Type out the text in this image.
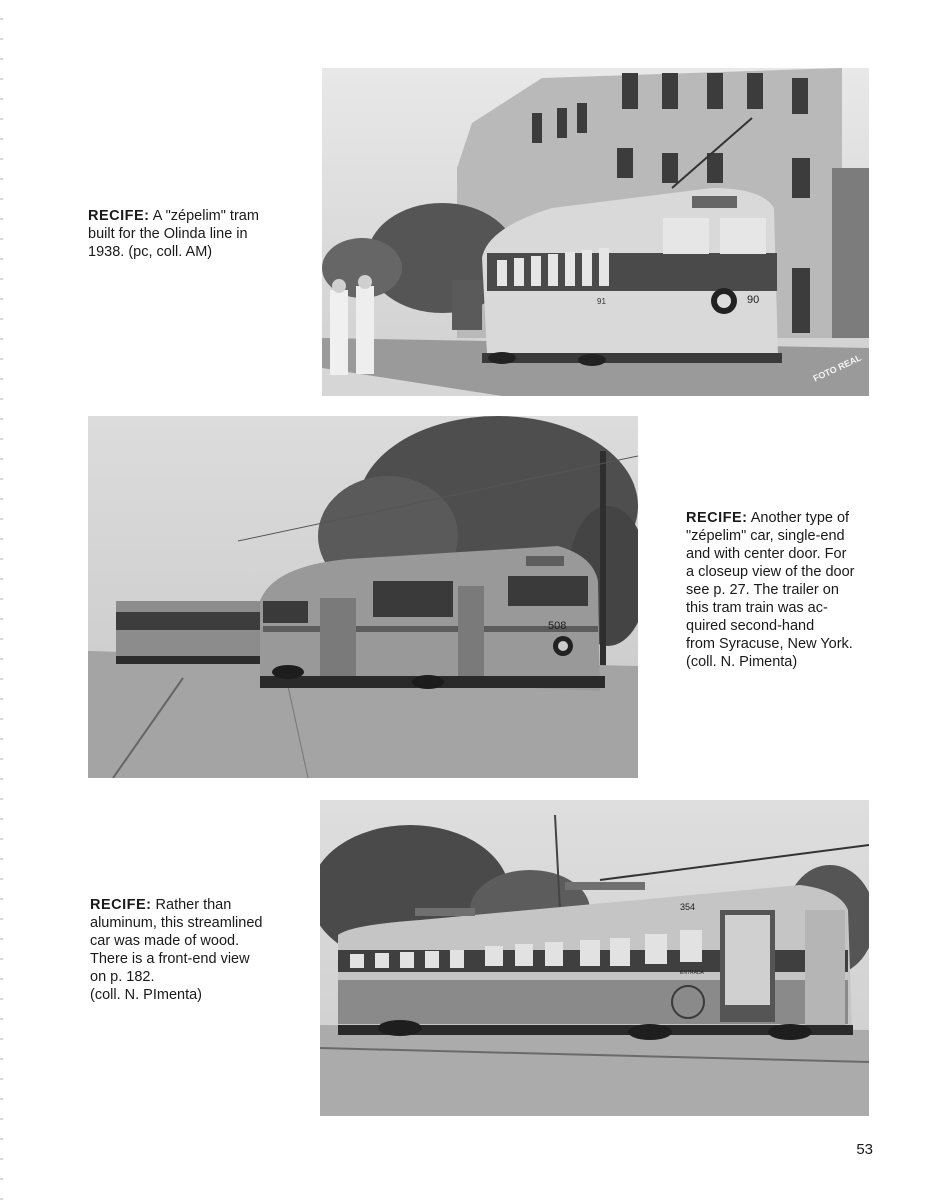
90
91
FOTO REAL
RECIFE: A "zépelim" tram
built for the Olinda line in
1938. (pc, coll. AM)
508
RECIFE: Another type of
"zépelim" car, single-end
and with center door. For
a closeup view of the door
see p. 27. The trailer on
this tram train was ac-
quired second-hand
from Syracuse, New York.
(coll. N. Pimenta)
354
ENTRADA
RECIFE: Rather than
aluminum, this streamlined
car was made of wood.
There is a front-end view
on p. 182.
(coll. N. PImenta)
53
